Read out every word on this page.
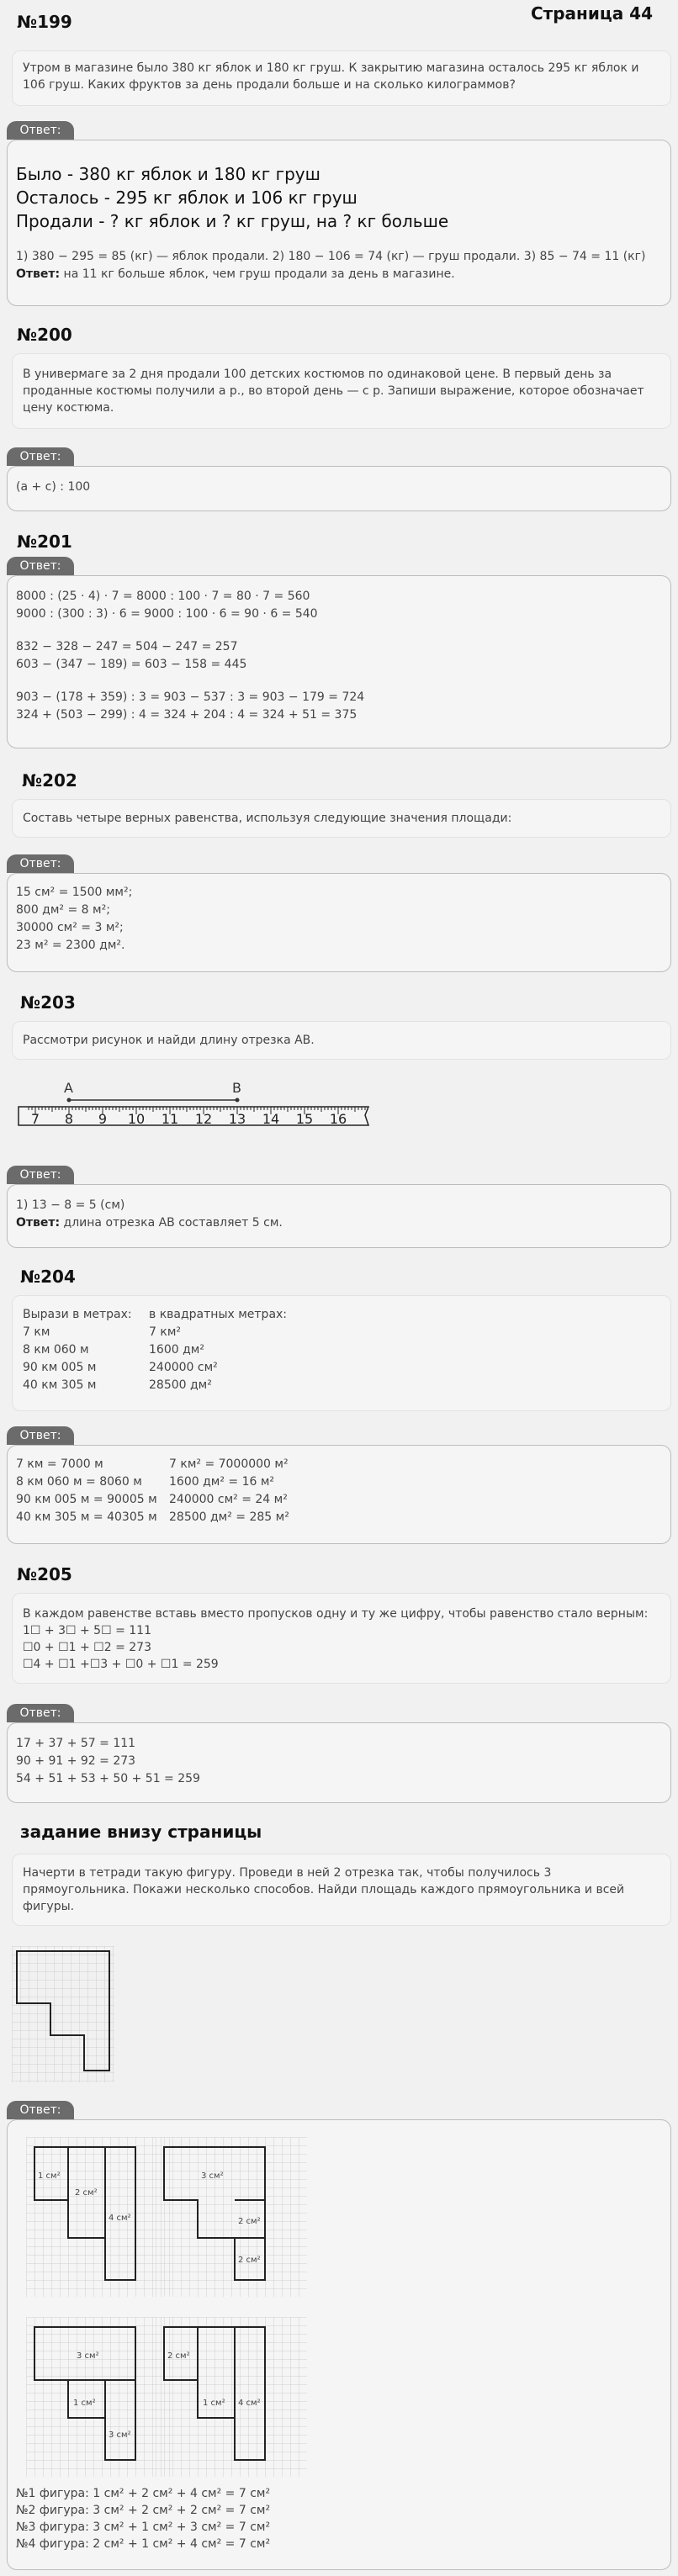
Страница 44
№199
Утром в магазине было 380 кг яблок и 180 кг груш. К закрытию магазина осталось 295 кг яблок и 106 груш. Каких фруктов за день продали больше и на сколько килограммов?
Ответ:
Было - 380 кг яблок и 180 кг груш
Осталось - 295 кг яблок и 106 кг груш
Продали - ? кг яблок и ? кг груш, на ? кг больше
1) 380 − 295 = 85 (кг) — яблок продали. 2) 180 − 106 = 74 (кг) — груш продали. 3) 85 − 74 = 11 (кг)
Ответ: на 11 кг больше яблок, чем груш продали за день в магазине.
№200
В универмаге за 2 дня продали 100 детских костюмов по одинаковой цене. В первый день за проданные костюмы получили а р., во второй день — с р. Запиши выражение, которое обозначает цену костюма.
Ответ:
(а + с) : 100
№201
Ответ:
8000 : (25 · 4) · 7 = 8000 : 100 · 7 = 80 · 7 = 560
9000 : (300 : 3) · 6 = 9000 : 100 · 6 = 90 · 6 = 540
832 − 328 − 247 = 504 − 247 = 257
603 − (347 − 189) = 603 − 158 = 445
903 − (178 + 359) : 3 = 903 − 537 : 3 = 903 − 179 = 724
324 + (503 − 299) : 4 = 324 + 204 : 4 = 324 + 51 = 375
№202
Составь четыре верных равенства, используя следующие значения площади:
Ответ:
15 см² = 1500 мм²;
800 дм² = 8 м²;
30000 см² = 3 м²;
23 м² = 2300 дм².
№203
Рассмотри рисунок и найди длину отрезка АВ.
A	B
7 8 9 10 11 12 13 14 15 16
Ответ:
1) 13 − 8 = 5 (см)
Ответ: длина отрезка АВ составляет 5 см.
№204
Вырази в метрах:
7 км
8 км 060 м
90 км 005 м
40 км 305 м
в квадратных метрах:
7 км²
1600 дм²
240000 см²
28500 дм²
Ответ:
7 км = 7000 м
8 км 060 м = 8060 м
90 км 005 м = 90005 м
40 км 305 м = 40305 м
7 км² = 7000000 м²
1600 дм² = 16 м²
240000 см² = 24 м²
28500 дм² = 285 м²
№205
В каждом равенстве вставь вместо пропусков одну и ту же цифру, чтобы равенство стало верным:
1☐ + 3☐ + 5☐ = 111
☐0 + ☐1 + ☐2 = 273
☐4 + ☐1 +☐3 + ☐0 + ☐1 = 259
Ответ:
17 + 37 + 57 = 111
90 + 91 + 92 = 273
54 + 51 + 53 + 50 + 51 = 259
задание внизу страницы
Начерти в тетради такую фигуру. Проведи в ней 2 отрезка так, чтобы получилось 3 прямоугольника. Покажи несколько способов. Найди площадь каждого прямоугольника и всей фигуры.
Ответ:
1 см²
2 см²
4 см²
3 см²
2 см²
2 см²
3 см²
1 см²
3 см²
2 см²
1 см² 4 см²
№1 фигура: 1 см² + 2 см² + 4 см² = 7 см²
№2 фигура: 3 см² + 2 см² + 2 см² = 7 см²
№3 фигура: 3 см² + 1 см² + 3 см² = 7 см²
№4 фигура: 2 см² + 1 см² + 4 см² = 7 см²
